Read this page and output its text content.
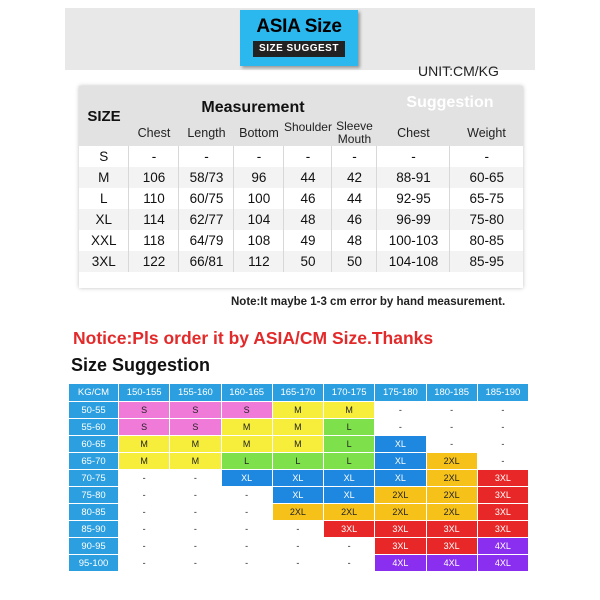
ASIA Size
SIZE SUGGEST
UNIT:CM/KG
SIZE	Measurement					Suggestion	
	Chest	Length	Bottom	Shoulder	Sleeve Mouth	Chest	Weight
S	-	-	-	-	-	-	-
M	106	58/73	96	44	42	88-91	60-65
L	110	60/75	100	46	44	92-95	65-75
XL	114	62/77	104	48	46	96-99	75-80
XXL	118	64/79	108	49	48	100-103	80-85
3XL	122	66/81	112	50	50	104-108	85-95
Note:It maybe 1-3 cm error by hand measurement.
Notice:Pls order it by ASIA/CM Size.Thanks
Size Suggestion
KG/CM	150-155	155-160	160-165	165-170	170-175	175-180	180-185	185-190
50-55	S	S	S	M	M	-	-	-
55-60	S	S	M	M	L	-	-	-
60-65	M	M	M	M	L	XL	-	-
65-70	M	M	L	L	L	XL	2XL	-
70-75	-	-	XL	XL	XL	XL	2XL	3XL
75-80	-	-	-	XL	XL	2XL	2XL	3XL
80-85	-	-	-	2XL	2XL	2XL	2XL	3XL
85-90	-	-	-	-	3XL	3XL	3XL	3XL
90-95	-	-	-	-	-	3XL	3XL	4XL
95-100	-	-	-	-	-	4XL	4XL	4XL
